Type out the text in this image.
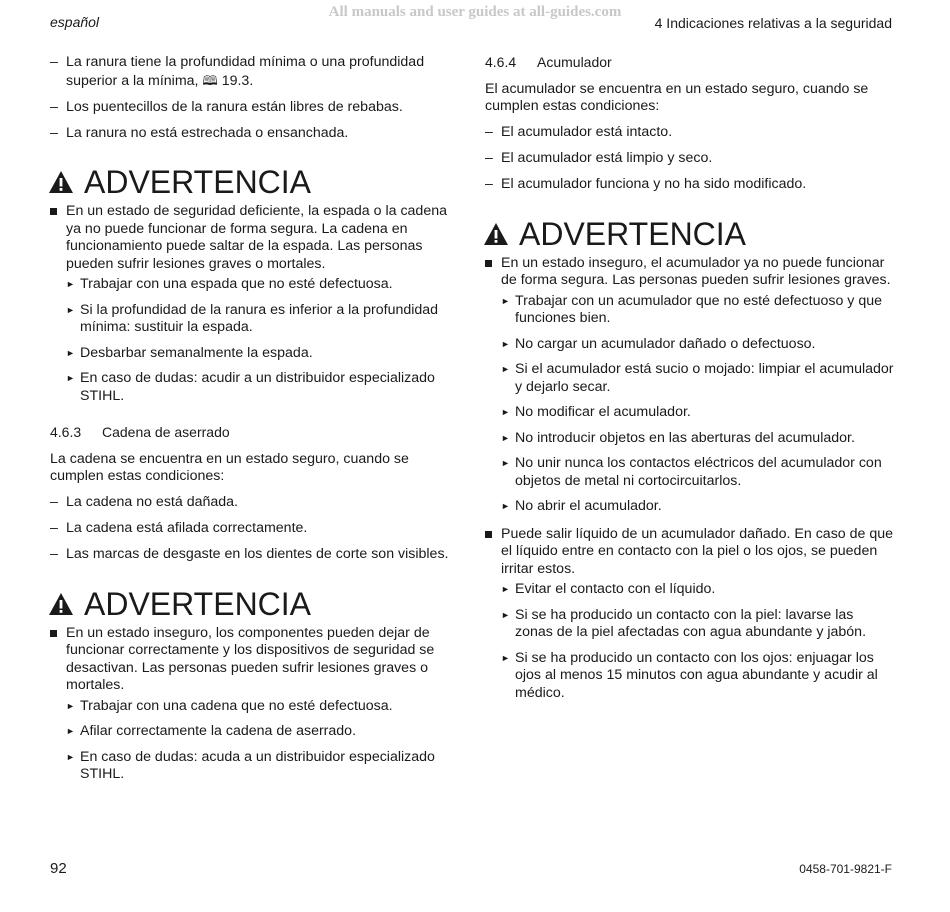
All manuals and user guides at all-guides.com
español	4 Indicaciones relativas a la seguridad
– La ranura tiene la profundidad mínima o una profundidad superior a la mínima, 🕮 19.3.
– Los puentecillos de la ranura están libres de rebabas.
– La ranura no está estrechada o ensanchada.
ADVERTENCIA
En un estado de seguridad deficiente, la espada o la cadena ya no puede funcionar de forma segura. La cadena en funcionamiento puede saltar de la espada. Las personas pueden sufrir lesiones graves o mortales.
► Trabajar con una espada que no esté defectuosa.
► Si la profundidad de la ranura es inferior a la profundidad mínima: sustituir la espada.
► Desbarbar semanalmente la espada.
► En caso de dudas: acudir a un distribuidor especializado STIHL.
4.6.3 Cadena de aserrado
La cadena se encuentra en un estado seguro, cuando se cumplen estas condiciones:
– La cadena no está dañada.
– La cadena está afilada correctamente.
– Las marcas de desgaste en los dientes de corte son visibles.
ADVERTENCIA
En un estado inseguro, los componentes pueden dejar de funcionar correctamente y los dispositivos de seguridad se desactivan. Las personas pueden sufrir lesiones graves o mortales.
► Trabajar con una cadena que no esté defectuosa.
► Afilar correctamente la cadena de aserrado.
► En caso de dudas: acuda a un distribuidor especializado STIHL.
4.6.4 Acumulador
El acumulador se encuentra en un estado seguro, cuando se cumplen estas condiciones:
– El acumulador está intacto.
– El acumulador está limpio y seco.
– El acumulador funciona y no ha sido modificado.
ADVERTENCIA
En un estado inseguro, el acumulador ya no puede funcionar de forma segura. Las personas pueden sufrir lesiones graves.
► Trabajar con un acumulador que no esté defectuoso y que funciones bien.
► No cargar un acumulador dañado o defectuoso.
► Si el acumulador está sucio o mojado: limpiar el acumulador y dejarlo secar.
► No modificar el acumulador.
► No introducir objetos en las aberturas del acumulador.
► No unir nunca los contactos eléctricos del acumulador con objetos de metal ni cortocircuitarlos.
► No abrir el acumulador.
Puede salir líquido de un acumulador dañado. En caso de que el líquido entre en contacto con la piel o los ojos, se pueden irritar estos.
► Evitar el contacto con el líquido.
► Si se ha producido un contacto con la piel: lavarse las zonas de la piel afectadas con agua abundante y jabón.
► Si se ha producido un contacto con los ojos: enjuagar los ojos al menos 15 minutos con agua abundante y acudir al médico.
92	0458-701-9821-F
